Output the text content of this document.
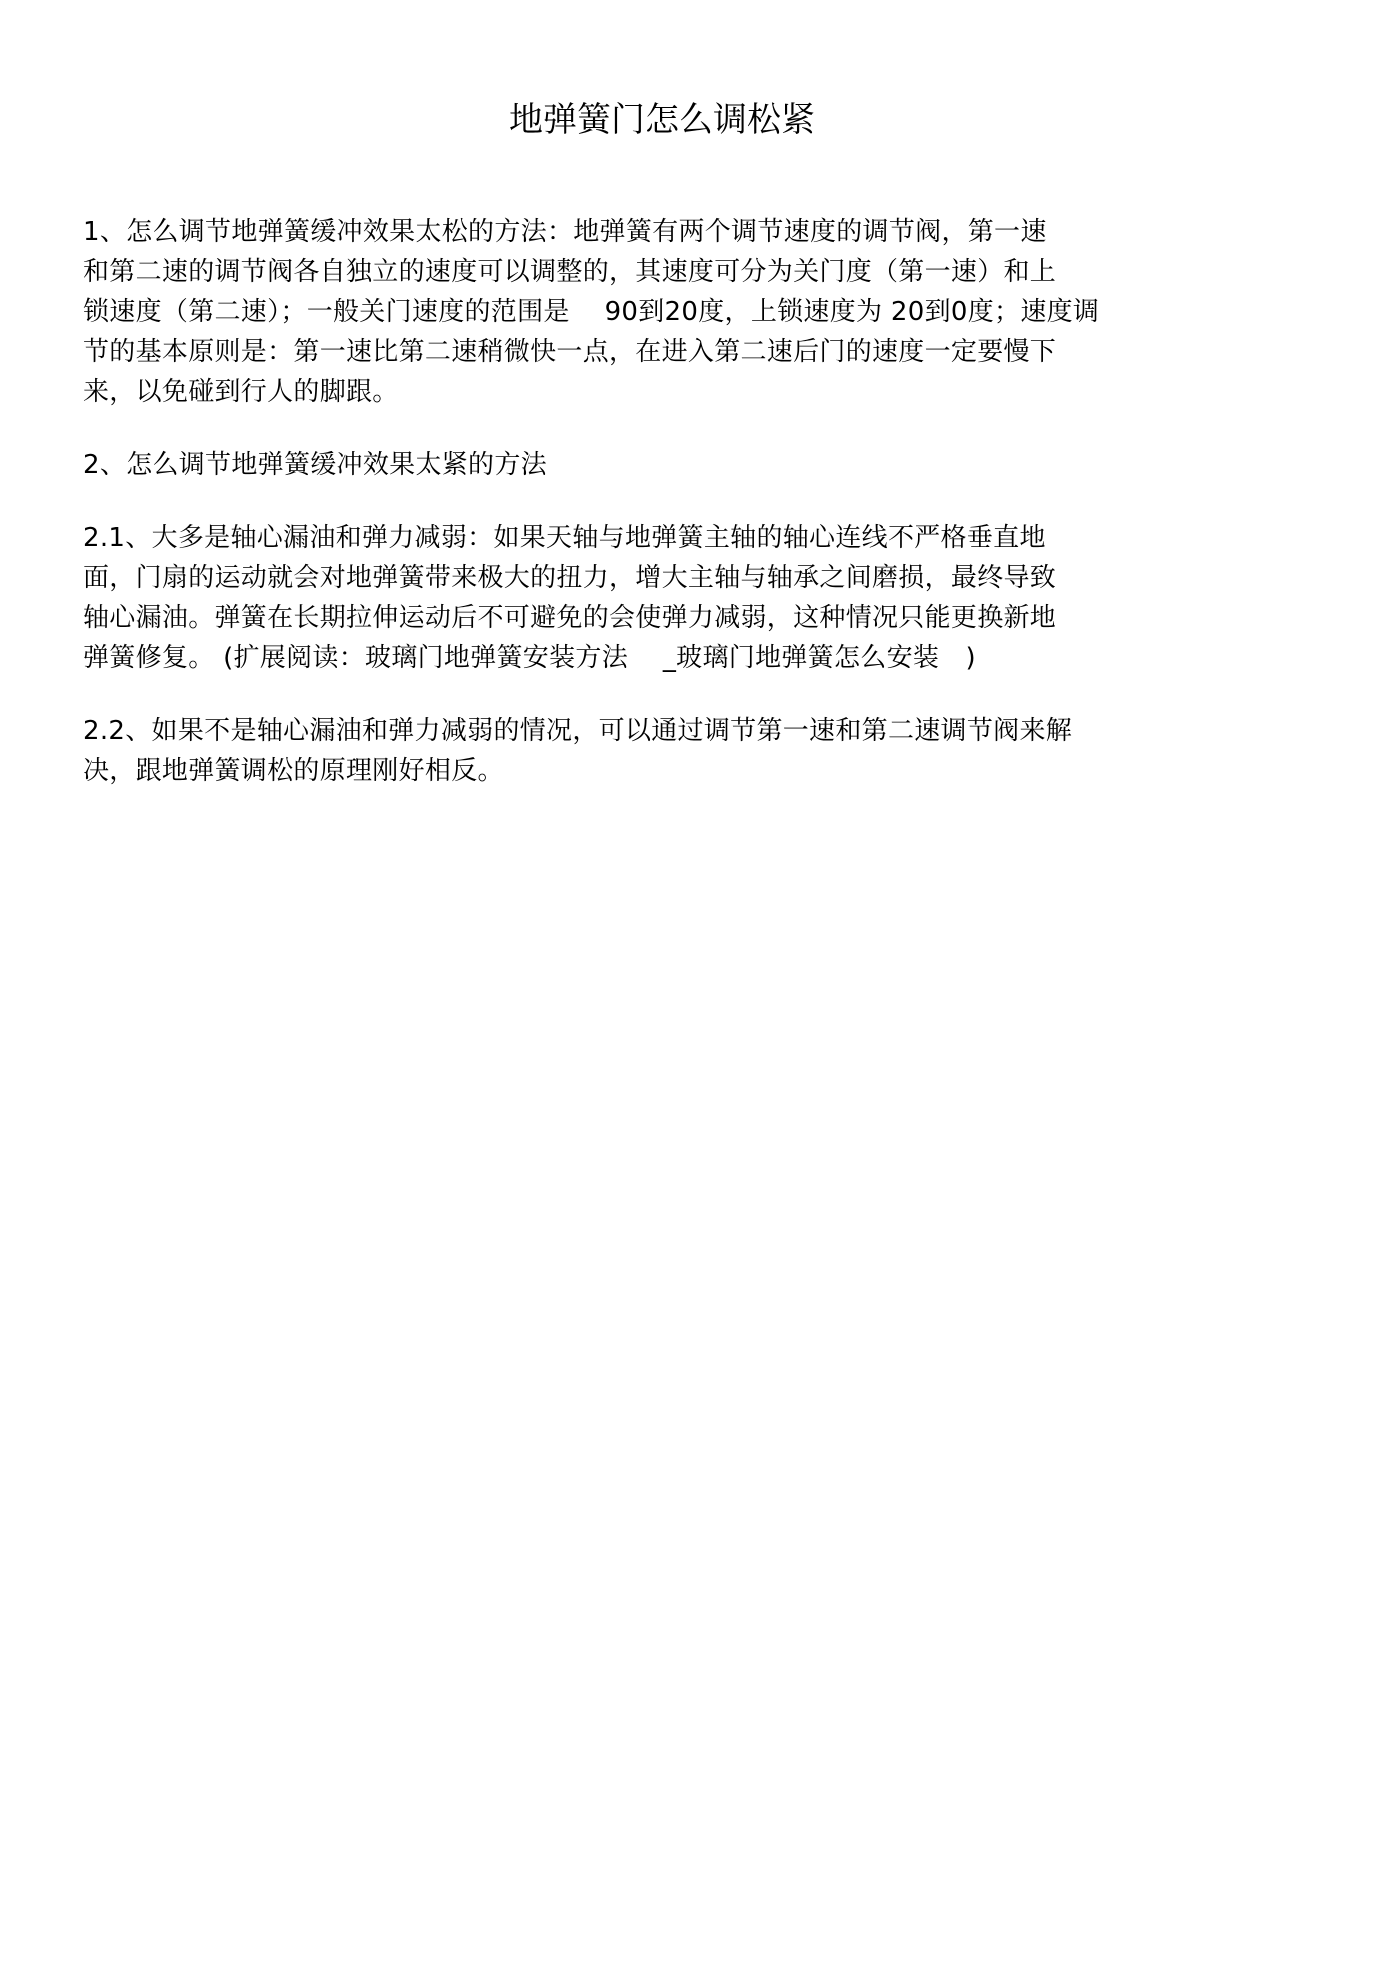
地弹簧门怎么调松紧

1、怎么调节地弹簧缓冲效果太松的方法：地弹簧有两个调节速度的调节阀，第一速
和第二速的调节阀各自独立的速度可以调整的，其速度可分为关门度（第一速）和上
锁速度（第二速）；一般关门速度的范围是　 90到20度，上锁速度为 20到0度；速度调
节的基本原则是：第一速比第二速稍微快一点，在进入第二速后门的速度一定要慢下
来，以免碰到行人的脚跟。

2、怎么调节地弹簧缓冲效果太紧的方法

2.1、大多是轴心漏油和弹力减弱：如果天轴与地弹簧主轴的轴心连线不严格垂直地
面，门扇的运动就会对地弹簧带来极大的扭力，增大主轴与轴承之间磨损，最终导致
轴心漏油。弹簧在长期拉伸运动后不可避免的会使弹力减弱，这种情况只能更换新地
弹簧修复。 (扩展阅读：玻璃门地弹簧安装方法　 _玻璃门地弹簧怎么安装　)

2.2、如果不是轴心漏油和弹力减弱的情况，可以通过调节第一速和第二速调节阀来解
决，跟地弹簧调松的原理刚好相反。
